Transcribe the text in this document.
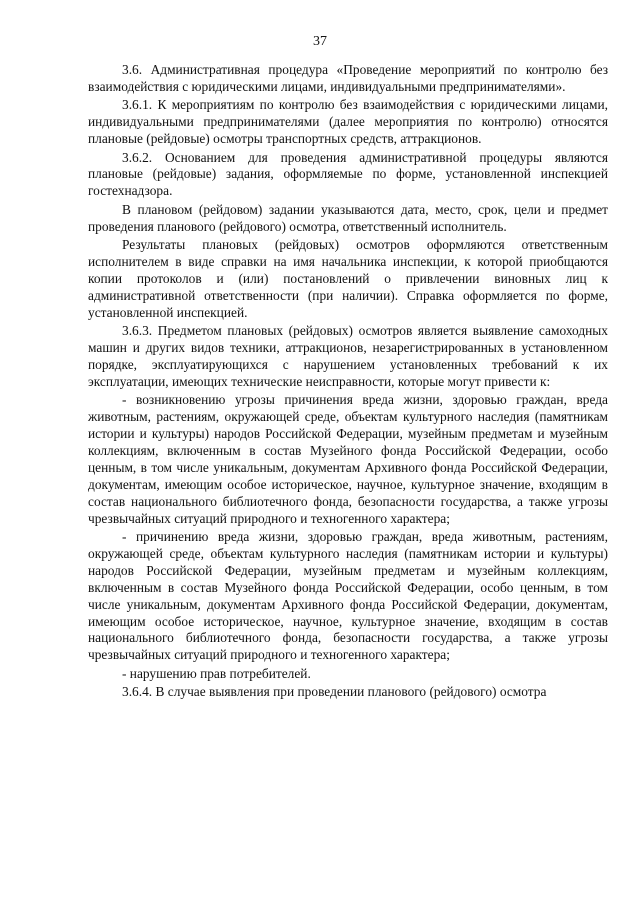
37

3.6. Административная процедура «Проведение мероприятий по контролю без взаимодействия с юридическими лицами, индивидуальными предпринимателями».

3.6.1. К мероприятиям по контролю без взаимодействия с юридическими лицами, индивидуальными предпринимателями (далее мероприятия по контролю) относятся плановые (рейдовые) осмотры транспортных средств, аттракционов.

3.6.2. Основанием для проведения административной процедуры являются плановые (рейдовые) задания, оформляемые по форме, установленной инспекцией гостехнадзора.

В плановом (рейдовом) задании указываются дата, место, срок, цели и предмет проведения планового (рейдового) осмотра, ответственный исполнитель.

Результаты плановых (рейдовых) осмотров оформляются ответственным исполнителем в виде справки на имя начальника инспекции, к которой приобщаются копии протоколов и (или) постановлений о привлечении виновных лиц к административной ответственности (при наличии). Справка оформляется по форме, установленной инспекцией.

3.6.3. Предметом плановых (рейдовых) осмотров является выявление самоходных машин и других видов техники, аттракционов, незарегистрированных в установленном порядке, эксплуатирующихся с нарушением установленных требований к их эксплуатации, имеющих технические неисправности, которые могут привести к:

- возникновению угрозы причинения вреда жизни, здоровью граждан, вреда животным, растениям, окружающей среде, объектам культурного наследия (памятникам истории и культуры) народов Российской Федерации, музейным предметам и музейным коллекциям, включенным в состав Музейного фонда Российской Федерации, особо ценным, в том числе уникальным, документам Архивного фонда Российской Федерации, документам, имеющим особое историческое, научное, культурное значение, входящим в состав национального библиотечного фонда, безопасности государства, а также угрозы чрезвычайных ситуаций природного и техногенного характера;

- причинению вреда жизни, здоровью граждан, вреда животным, растениям, окружающей среде, объектам культурного наследия (памятникам истории и культуры) народов Российской Федерации, музейным предметам и музейным коллекциям, включенным в состав Музейного фонда Российской Федерации, особо ценным, в том числе уникальным, документам Архивного фонда Российской Федерации, документам, имеющим особое историческое, научное, культурное значение, входящим в состав национального библиотечного фонда, безопасности государства, а также угрозы чрезвычайных ситуаций природного и техногенного характера;

- нарушению прав потребителей.

3.6.4. В случае выявления при проведении планового (рейдового) осмотра
